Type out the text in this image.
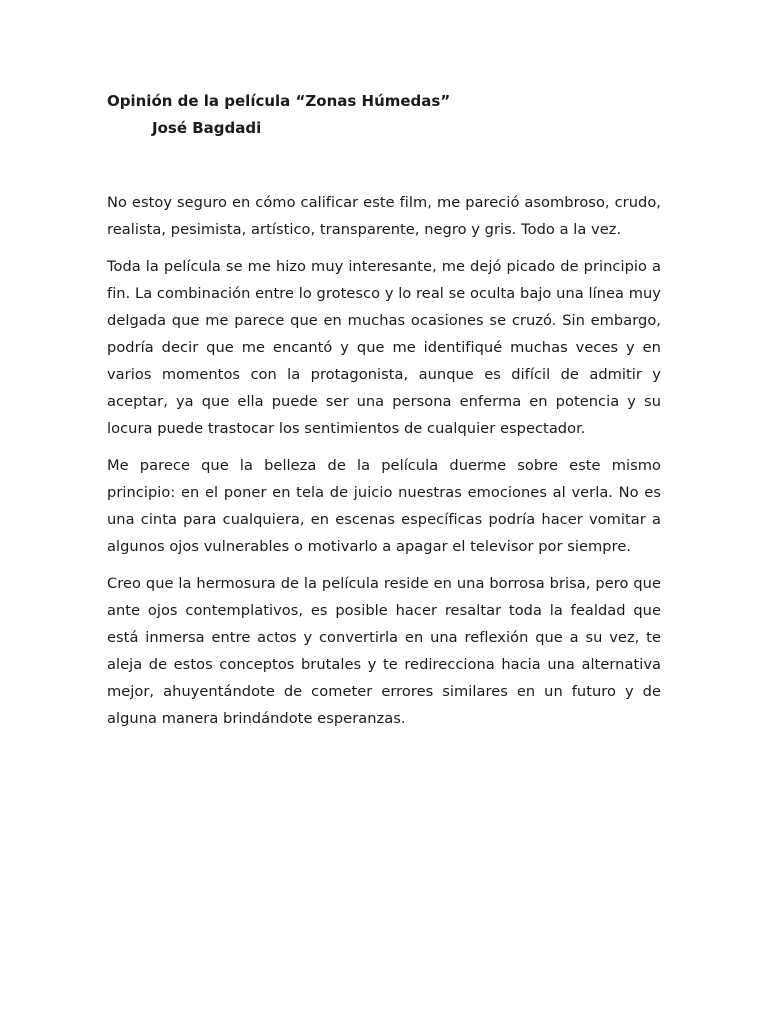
Opinión de la película “Zonas Húmedas”
José Bagdadi

No estoy seguro en cómo calificar este film, me pareció asombroso, crudo, realista, pesimista, artístico, transparente, negro y gris. Todo a la vez.

Toda la película se me hizo muy interesante, me dejó picado de principio a fin. La combinación entre lo grotesco y lo real se oculta bajo una línea muy delgada que me parece que en muchas ocasiones se cruzó. Sin embargo, podría decir que me encantó y que me identifiqué muchas veces y en varios momentos con la protagonista, aunque es difícil de admitir y aceptar, ya que ella puede ser una persona enferma en potencia y su locura puede trastocar los sentimientos de cualquier espectador.

Me parece que la belleza de la película duerme sobre este mismo principio: en el poner en tela de juicio nuestras emociones al verla. No es una cinta para cualquiera, en escenas específicas podría hacer vomitar a algunos ojos vulnerables o motivarlo a apagar el televisor por siempre.

Creo que la hermosura de la película reside en una borrosa brisa, pero que ante ojos contemplativos, es posible hacer resaltar toda la fealdad que está inmersa entre actos y convertirla en una reflexión que a su vez, te aleja de estos conceptos brutales y te redirecciona hacia una alternativa mejor, ahuyentándote de cometer errores similares en un futuro y de alguna manera brindándote esperanzas.
